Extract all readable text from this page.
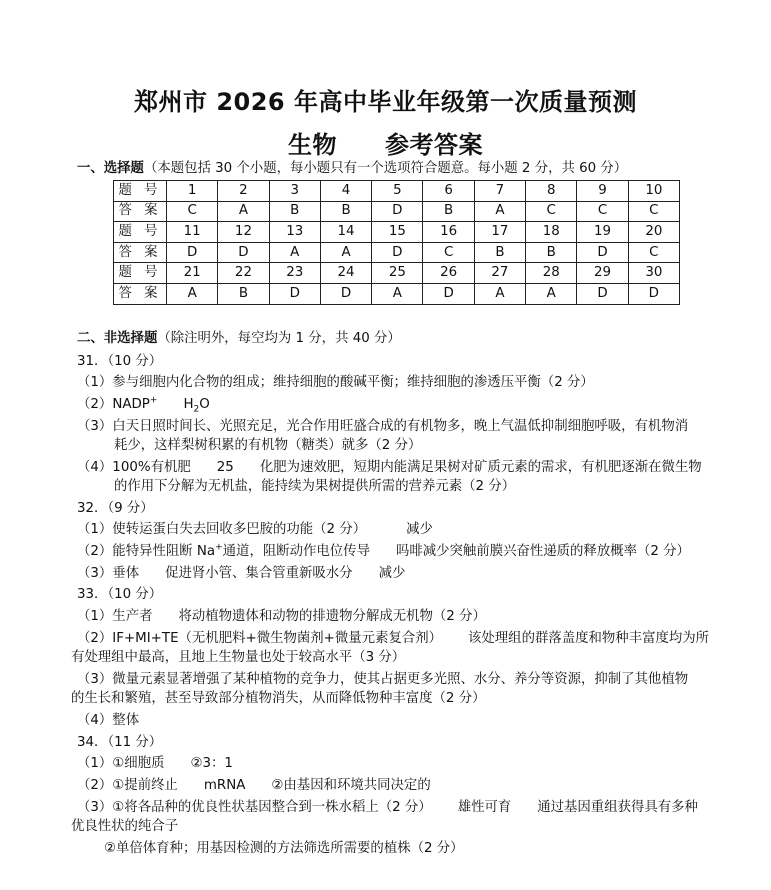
郑州市 2026 年高中毕业年级第一次质量预测
生物 参考答案
一、选择题（本题包括 30 个小题，每小题只有一个选项符合题意。每小题 2 分，共 60 分）
题 号	1	2	3	4	5	6	7	8	9	10
答 案	C	A	B	B	D	B	A	C	C	C
题 号	11	12	13	14	15	16	17	18	19	20
答 案	D	D	A	A	D	C	B	B	D	C
题 号	21	22	23	24	25	26	27	28	29	30
答 案	A	B	D	D	A	D	A	A	D	D
二、非选择题（除注明外，每空均为 1 分，共 40 分）
31．（10 分）
（1）参与细胞内化合物的组成；维持细胞的酸碱平衡；维持细胞的渗透压平衡（2 分）
（2）NADP+ $H_2O$
（3）白天日照时间长、光照充足，光合作用旺盛合成的有机物多，晚上气温低抑制细胞呼吸，有机物消
耗少，这样梨树积累的有机物（糖类）就多（2 分）
（4）100%有机肥 25 化肥为速效肥，短期内能满足果树对矿质元素的需求，有机肥逐渐在微生物
的作用下分解为无机盐，能持续为果树提供所需的营养元素（2 分）
32．（9 分）
（1）使转运蛋白失去回收多巴胺的功能（2 分）	减少
（2）能特异性阻断 Na+通道，阻断动作电位传导 吗啡减少突触前膜兴奋性递质的释放概率（2 分）
（3）垂体 促进肾小管、集合管重新吸水分 减少
33．（10 分）
（1）生产者 将动植物遗体和动物的排遗物分解成无机物（2 分）
（2）IF+MI+TE（无机肥料+微生物菌剂+微量元素复合剂） 该处理组的群落盖度和物种丰富度均为所
有处理组中最高，且地上生物量也处于较高水平（3 分）
（3）微量元素显著增强了某种植物的竞争力，使其占据更多光照、水分、养分等资源，抑制了其他植物
的生长和繁殖，甚至导致部分植物消失，从而降低物种丰富度（2 分）
（4）整体
34．（11 分）
（1）①细胞质 ②3：1
（2）①提前终止 mRNA ②由基因和环境共同决定的
（3）①将各品种的优良性状基因整合到一株水稻上（2 分） 雄性可育 通过基因重组获得具有多种
优良性状的纯合子
②单倍体育种；用基因检测的方法筛选所需要的植株（2 分）
